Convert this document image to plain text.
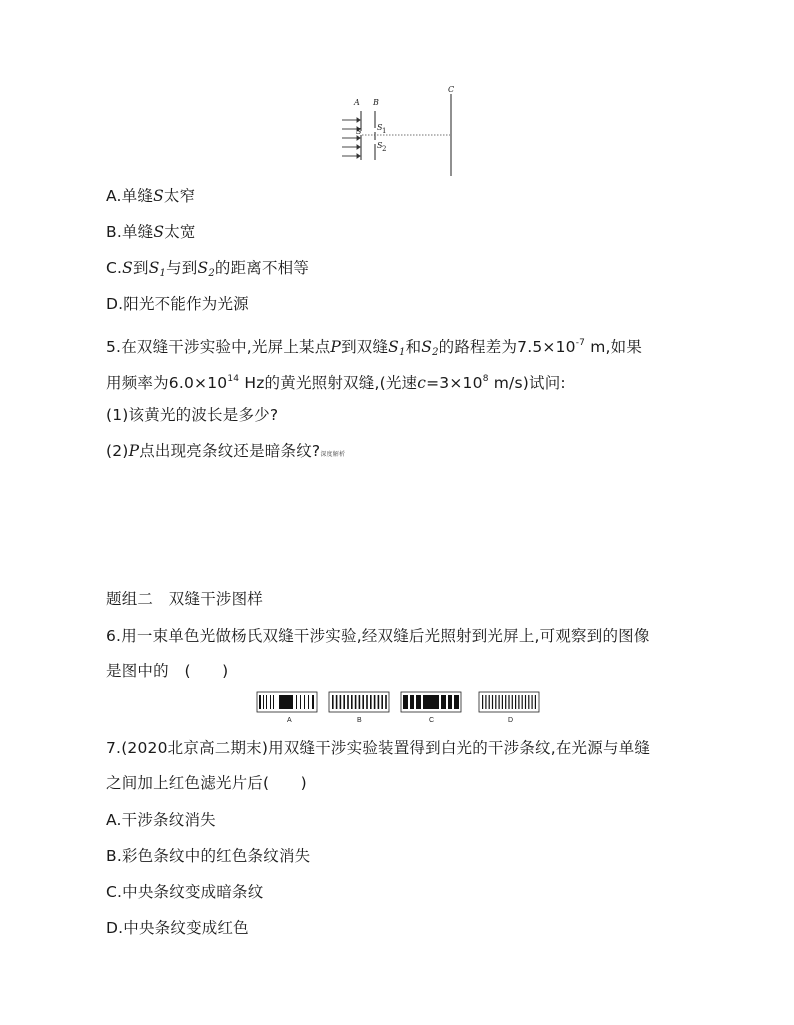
A B
C
S S 1
S 2
A.单缝S太窄
B.单缝S太宽
C.S到$S_1$与到$S_2$的距离不相等
D.阳光不能作为光源
5.在双缝干涉实验中,光屏上某点P到双缝$S_1$和$S_2$的路程差为$7.5\times 10^{-7}$ m,如果
用频率为$6.0\times 10^{14}$ Hz的黄光照射双缝,(光速$c=3\times 10^8$ m/s)试问:
(1)该黄光的波长是多少?
(2)P点出现亮条纹还是暗条纹?深度解析
题组二　双缝干涉图样
6.用一束单色光做杨氏双缝干涉实验,经双缝后光照射到光屏上,可观察到的图像
是图中的　(　　)
A	B	C	D
7.(2020北京高二期末)用双缝干涉实验装置得到白光的干涉条纹,在光源与单缝
之间加上红色滤光片后(　　)
A.干涉条纹消失
B.彩色条纹中的红色条纹消失
C.中央条纹变成暗条纹
D.中央条纹变成红色
